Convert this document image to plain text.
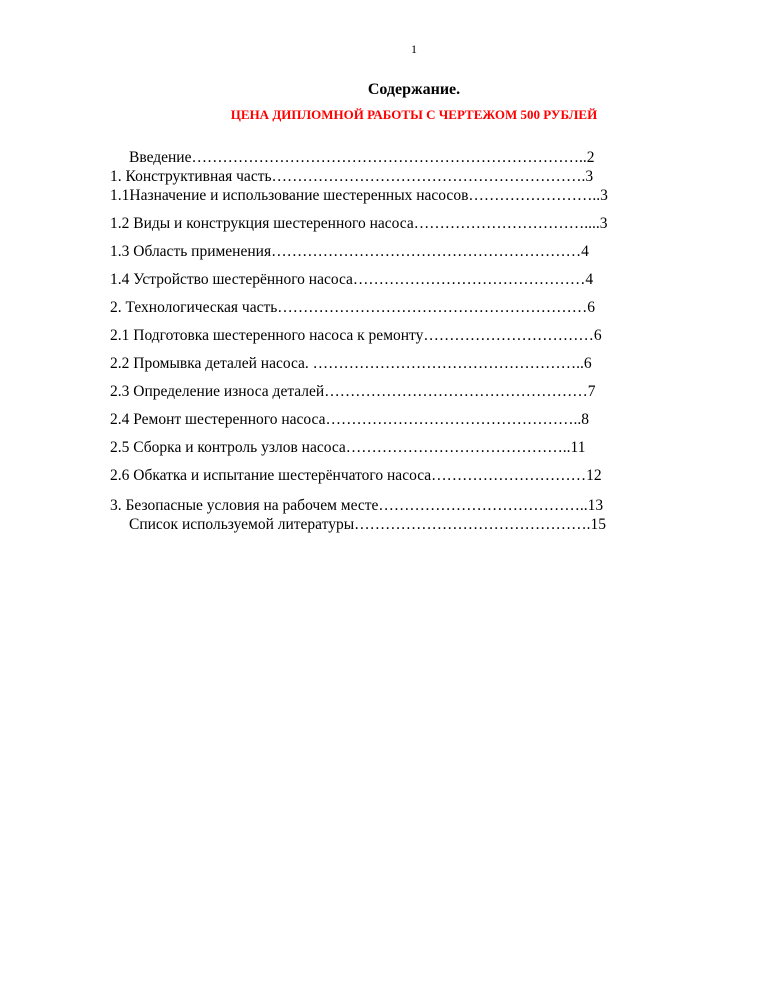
1
Содержание.
ЦЕНА ДИПЛОМНОЙ РАБОТЫ С ЧЕРТЕЖОМ 500 РУБЛЕЙ
Введение…………………………………………………………………..2
1. Конструктивная часть…………………………………………………….3
1.1Назначение и использование шестеренных насосов……………………..3
1.2 Виды и конструкция шестеренного насоса……………………………....3
1.3 Область применения……………………………………………………4
1.4 Устройство шестерённого насоса………………………………………4
2. Технологическая часть……………………………………………………6
2.1 Подготовка шестеренного насоса к ремонту……………………………6
2.2 Промывка деталей насоса. ……………………………………………..6
2.3 Определение износа деталей……………………………………………7
2.4 Ремонт шестеренного насоса…………………………………………..8
2.5 Сборка и контроль узлов насоса……………………………………..11
2.6 Обкатка и испытание шестерёнчатого насоса…………………………12
3. Безопасные условия на рабочем месте…………………………………..13
Список используемой литературы……………………………………….15
